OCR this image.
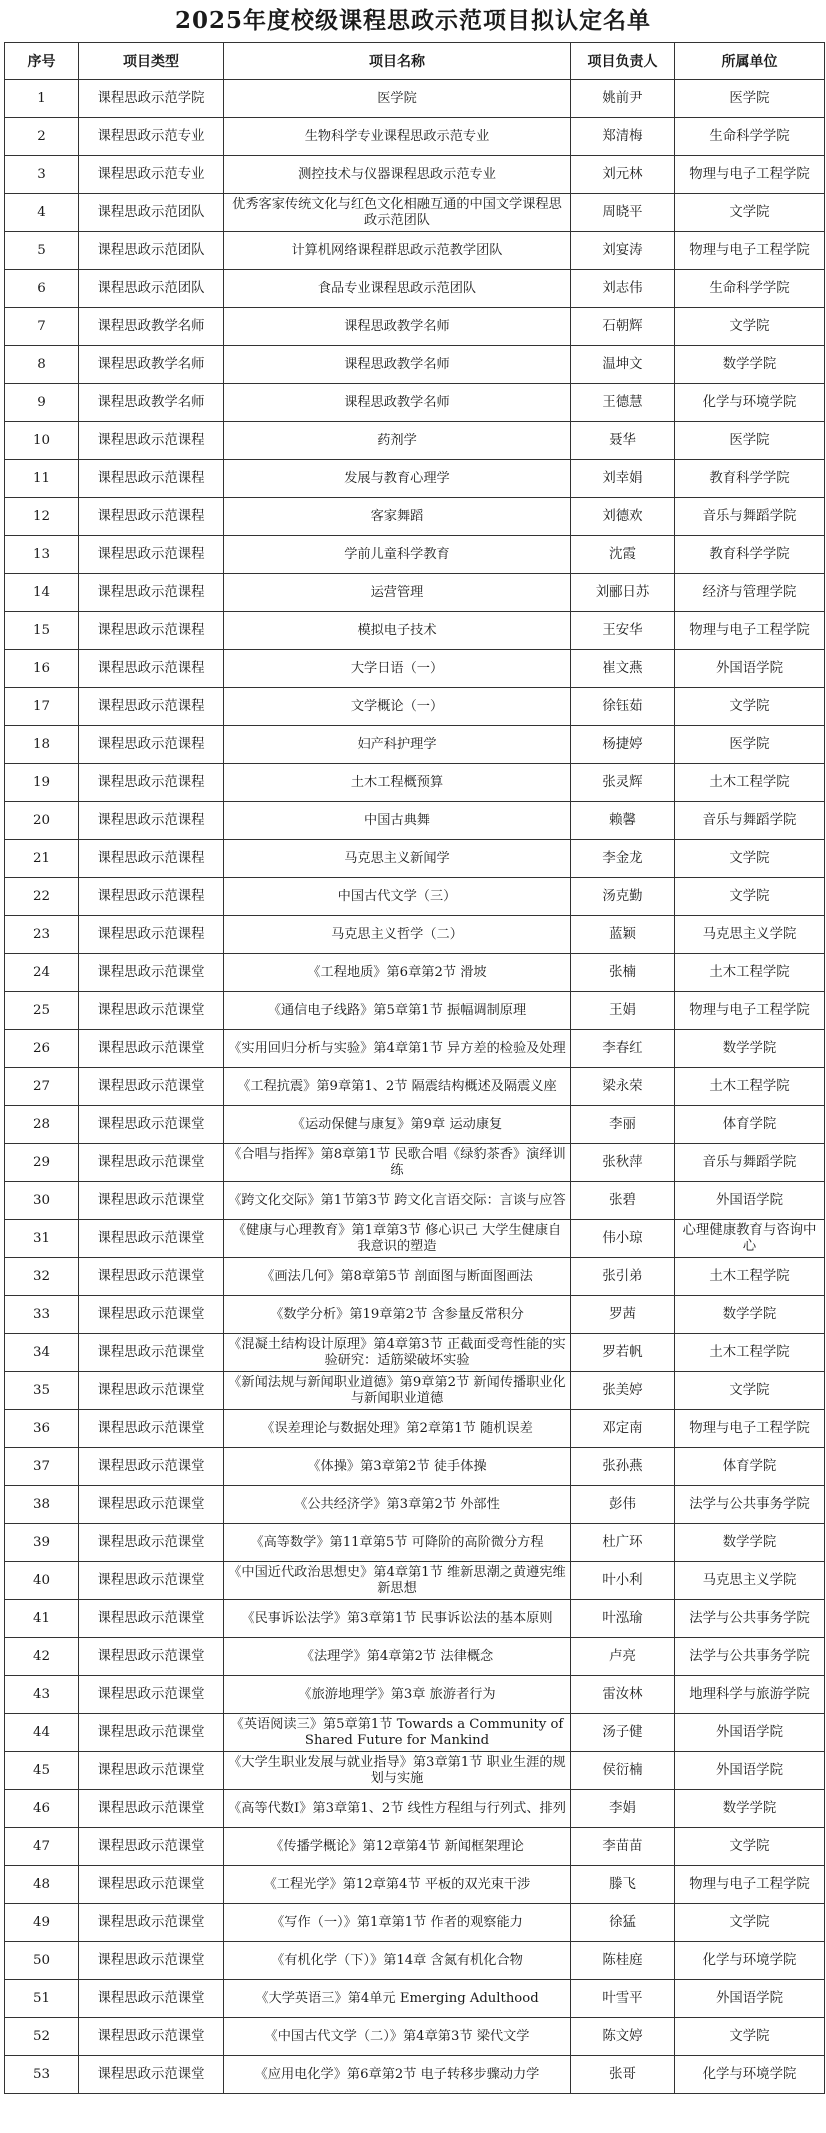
2025年度校级课程思政示范项目拟认定名单
序号	项目类型	项目名称	项目负责人	所属单位
1	课程思政示范学院	医学院	姚前尹	医学院
2	课程思政示范专业	生物科学专业课程思政示范专业	郑清梅	生命科学学院
3	课程思政示范专业	测控技术与仪器课程思政示范专业	刘元林	物理与电子工程学院
4	课程思政示范团队	优秀客家传统文化与红色文化相融互通的中国文学课程思政示范团队	周晓平	文学院
5	课程思政示范团队	计算机网络课程群思政示范教学团队	刘宴涛	物理与电子工程学院
6	课程思政示范团队	食品专业课程思政示范团队	刘志伟	生命科学学院
7	课程思政教学名师	课程思政教学名师	石朝辉	文学院
8	课程思政教学名师	课程思政教学名师	温坤文	数学学院
9	课程思政教学名师	课程思政教学名师	王德慧	化学与环境学院
10	课程思政示范课程	药剂学	聂华	医学院
11	课程思政示范课程	发展与教育心理学	刘幸娟	教育科学学院
12	课程思政示范课程	客家舞蹈	刘德欢	音乐与舞蹈学院
13	课程思政示范课程	学前儿童科学教育	沈霞	教育科学学院
14	课程思政示范课程	运营管理	刘郦日苏	经济与管理学院
15	课程思政示范课程	模拟电子技术	王安华	物理与电子工程学院
16	课程思政示范课程	大学日语（一）	崔文燕	外国语学院
17	课程思政示范课程	文学概论（一）	徐钰茹	文学院
18	课程思政示范课程	妇产科护理学	杨捷婷	医学院
19	课程思政示范课程	土木工程概预算	张灵辉	土木工程学院
20	课程思政示范课程	中国古典舞	赖馨	音乐与舞蹈学院
21	课程思政示范课程	马克思主义新闻学	李金龙	文学院
22	课程思政示范课程	中国古代文学（三）	汤克勤	文学院
23	课程思政示范课程	马克思主义哲学（二）	蓝颖	马克思主义学院
24	课程思政示范课堂	《工程地质》第6章第2节 滑坡	张楠	土木工程学院
25	课程思政示范课堂	《通信电子线路》第5章第1节 振幅调制原理	王娟	物理与电子工程学院
26	课程思政示范课堂	《实用回归分析与实验》第4章第1节 异方差的检验及处理	李春红	数学学院
27	课程思政示范课堂	《工程抗震》第9章第1、2节 隔震结构概述及隔震义座	梁永荣	土木工程学院
28	课程思政示范课堂	《运动保健与康复》第9章 运动康复	李丽	体育学院
29	课程思政示范课堂	《合唱与指挥》第8章第1节 民歌合唱《绿豹茶香》演绎训练	张秋萍	音乐与舞蹈学院
30	课程思政示范课堂	《跨文化交际》第1节第3节 跨文化言语交际：言谈与应答	张碧	外国语学院
31	课程思政示范课堂	《健康与心理教育》第1章第3节 修心识己 大学生健康自我意识的塑造	伟小琼	心理健康教育与咨询中心
32	课程思政示范课堂	《画法几何》第8章第5节 剖面图与断面图画法	张引弟	土木工程学院
33	课程思政示范课堂	《数学分析》第19章第2节 含参量反常积分	罗茜	数学学院
34	课程思政示范课堂	《混凝土结构设计原理》第4章第3节 正截面受弯性能的实验研究：适筋梁破坏实验	罗若帆	土木工程学院
35	课程思政示范课堂	《新闻法规与新闻职业道德》第9章第2节 新闻传播职业化与新闻职业道德	张美婷	文学院
36	课程思政示范课堂	《误差理论与数据处理》第2章第1节 随机误差	邓定南	物理与电子工程学院
37	课程思政示范课堂	《体操》第3章第2节 徒手体操	张孙燕	体育学院
38	课程思政示范课堂	《公共经济学》第3章第2节 外部性	彭伟	法学与公共事务学院
39	课程思政示范课堂	《高等数学》第11章第5节 可降阶的高阶微分方程	杜广环	数学学院
40	课程思政示范课堂	《中国近代政治思想史》第4章第1节 维新思潮之黄遵宪维新思想	叶小利	马克思主义学院
41	课程思政示范课堂	《民事诉讼法学》第3章第1节 民事诉讼法的基本原则	叶泓瑜	法学与公共事务学院
42	课程思政示范课堂	《法理学》第4章第2节 法律概念	卢亮	法学与公共事务学院
43	课程思政示范课堂	《旅游地理学》第3章 旅游者行为	雷汝林	地理科学与旅游学院
44	课程思政示范课堂	《英语阅读三》第5章第1节 Towards a Community of Shared Future for Mankind	汤子健	外国语学院
45	课程思政示范课堂	《大学生职业发展与就业指导》第3章第1节 职业生涯的规划与实施	侯衍楠	外国语学院
46	课程思政示范课堂	《高等代数I》第3章第1、2节 线性方程组与行列式、排列	李娟	数学学院
47	课程思政示范课堂	《传播学概论》第12章第4节 新闻框架理论	李苗苗	文学院
48	课程思政示范课堂	《工程光学》第12章第4节 平板的双光束干涉	滕飞	物理与电子工程学院
49	课程思政示范课堂	《写作（一）》第1章第1节 作者的观察能力	徐猛	文学院
50	课程思政示范课堂	《有机化学（下）》第14章 含氮有机化合物	陈桂庭	化学与环境学院
51	课程思政示范课堂	《大学英语三》第4单元 Emerging Adulthood	叶雪平	外国语学院
52	课程思政示范课堂	《中国古代文学（二）》第4章第3节 梁代文学	陈文婷	文学院
53	课程思政示范课堂	《应用电化学》第6章第2节 电子转移步骤动力学	张哥	化学与环境学院
